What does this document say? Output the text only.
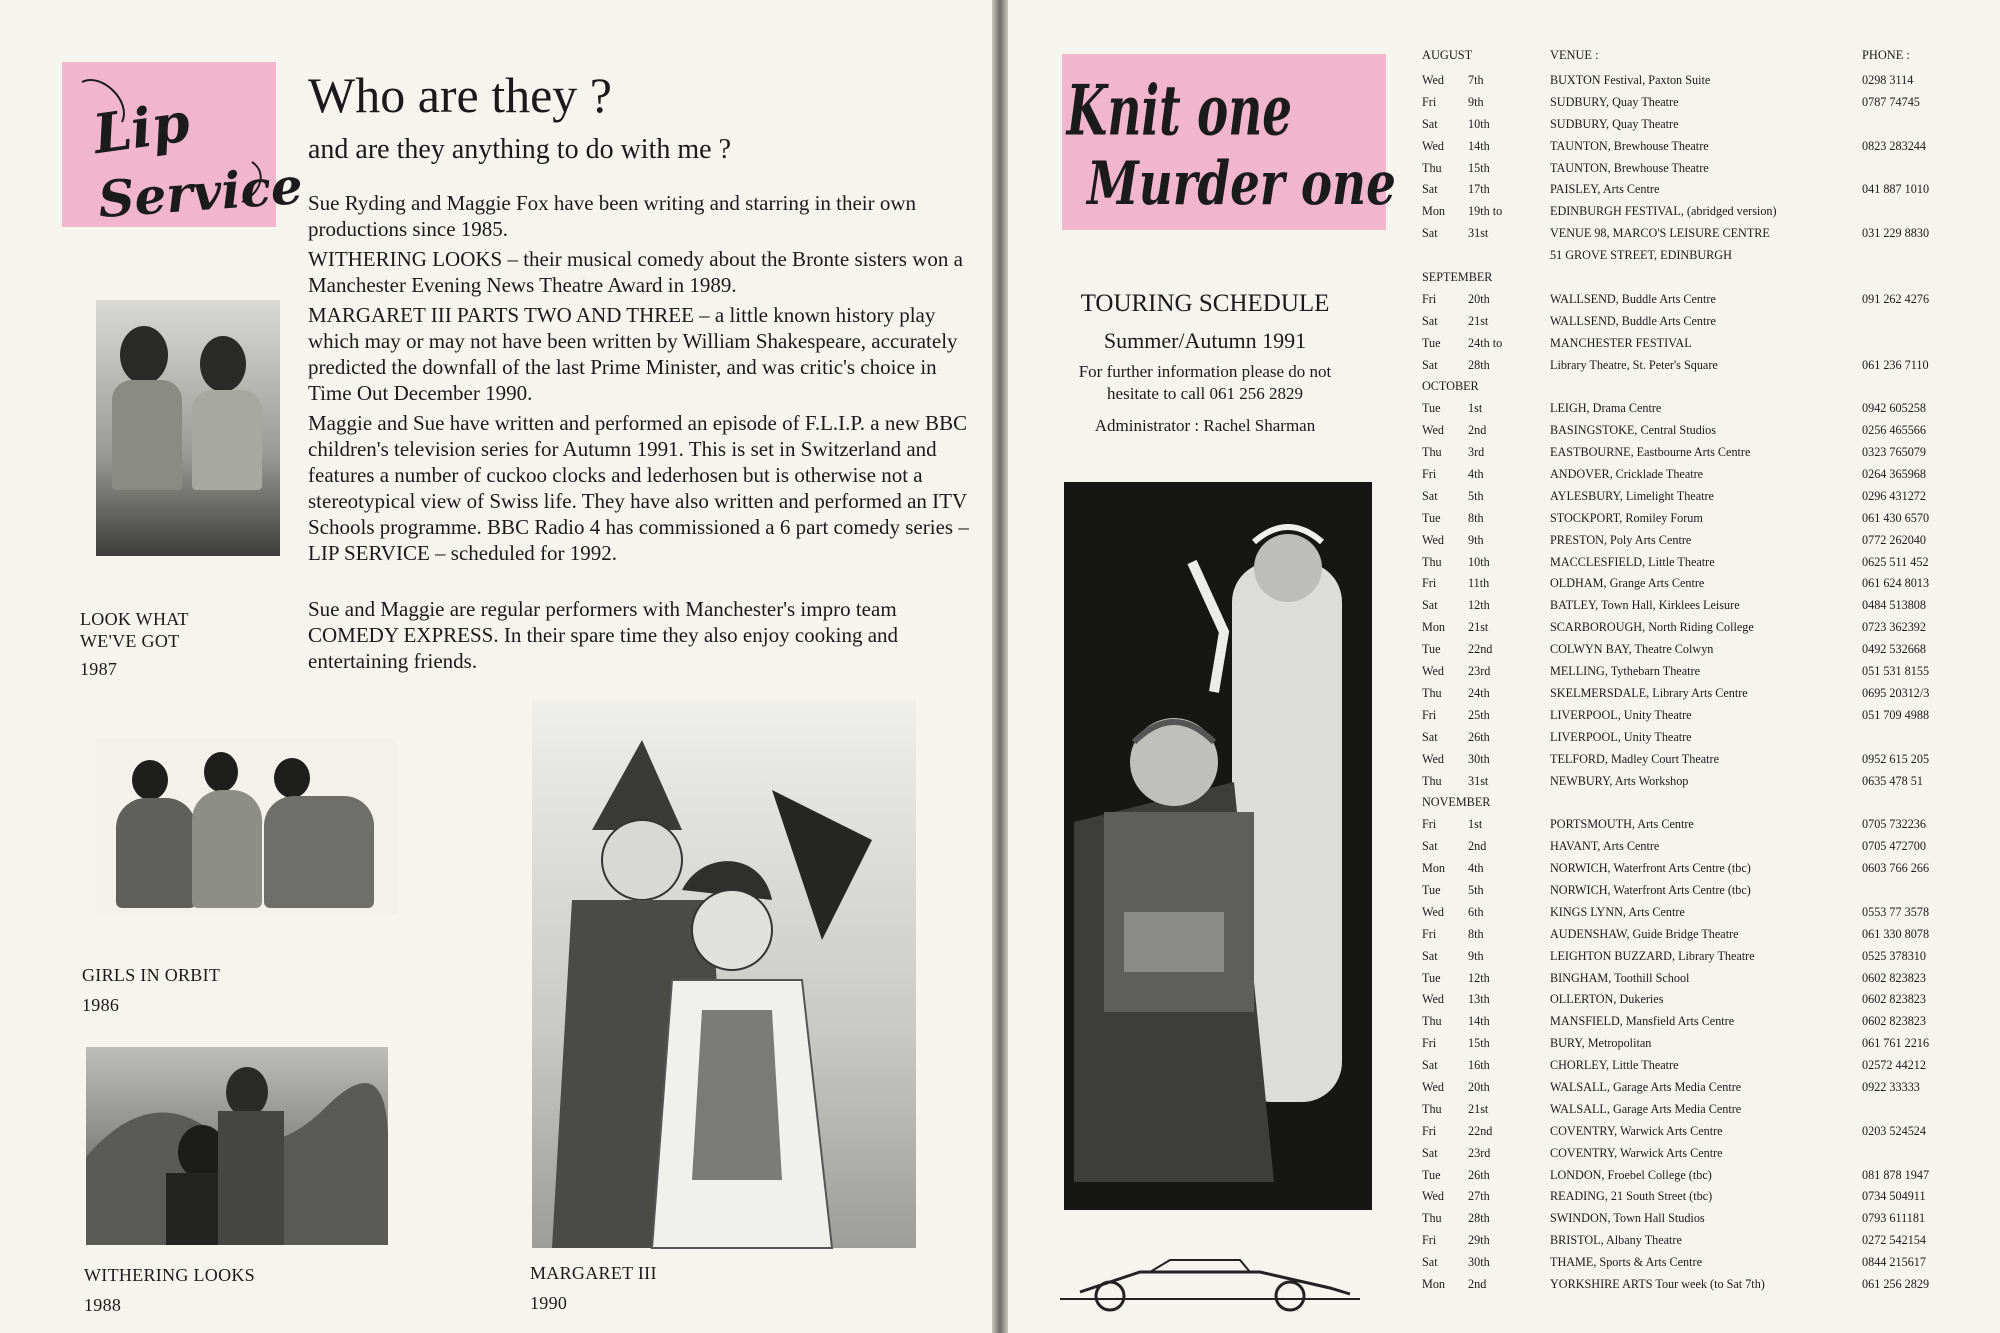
Lip
Service
Who are they ?
and are they anything to do with me ?

Sue Ryding and Maggie Fox have been writing and starring in their own productions since 1985.

WITHERING LOOKS – their musical comedy about the Bronte sisters won a Manchester Evening News Theatre Award in 1989.

MARGARET III PARTS TWO AND THREE – a little known history play which may or may not have been written by William Shakespeare, accurately predicted the downfall of the last Prime Minister, and was critic's choice in Time Out December 1990.

Maggie and Sue have written and performed an episode of F.L.I.P. a new BBC children's television series for Autumn 1991. This is set in Switzerland and features a number of cuckoo clocks and lederhosen but is otherwise not a stereotypical view of Swiss life. They have also written and performed an ITV Schools programme. BBC Radio 4 has commissioned a 6 part comedy series – LIP SERVICE – scheduled for 1992.

Sue and Maggie are regular performers with Manchester's impro team COMEDY EXPRESS. In their spare time they also enjoy cooking and entertaining friends.

LOOK WHAT
WE'VE GOT
1987
GIRLS IN ORBIT
1986
WITHERING LOOKS
1988
MARGARET III
1990
Knit one
Murder one
TOURING SCHEDULE
Summer/Autumn 1991
For further information please do not
hesitate to call 061 256 2829
Administrator : Rachel Sharman
AUGUST	VENUE :	PHONE :
Wed	7th	BUXTON Festival, Paxton Suite	0298 3114
Fri	9th	SUDBURY, Quay Theatre	0787 74745
Sat	10th	SUDBURY, Quay Theatre
Wed	14th	TAUNTON, Brewhouse Theatre	0823 283244
Thu	15th	TAUNTON, Brewhouse Theatre
Sat	17th	PAISLEY, Arts Centre	041 887 1010
Mon	19th to	EDINBURGH FESTIVAL, (abridged version)
Sat	31st	VENUE 98, MARCO'S LEISURE CENTRE	031 229 8830
51 GROVE STREET, EDINBURGH
SEPTEMBER
Fri	20th	WALLSEND, Buddle Arts Centre	091 262 4276
Sat	21st	WALLSEND, Buddle Arts Centre
Tue	24th to	MANCHESTER FESTIVAL
Sat	28th	Library Theatre, St. Peter's Square	061 236 7110
OCTOBER
Tue	1st	LEIGH, Drama Centre	0942 605258
Wed	2nd	BASINGSTOKE, Central Studios	0256 465566
Thu	3rd	EASTBOURNE, Eastbourne Arts Centre	0323 765079
Fri	4th	ANDOVER, Cricklade Theatre	0264 365968
Sat	5th	AYLESBURY, Limelight Theatre	0296 431272
Tue	8th	STOCKPORT, Romiley Forum	061 430 6570
Wed	9th	PRESTON, Poly Arts Centre	0772 262040
Thu	10th	MACCLESFIELD, Little Theatre	0625 511 452
Fri	11th	OLDHAM, Grange Arts Centre	061 624 8013
Sat	12th	BATLEY, Town Hall, Kirklees Leisure	0484 513808
Mon	21st	SCARBOROUGH, North Riding College	0723 362392
Tue	22nd	COLWYN BAY, Theatre Colwyn	0492 532668
Wed	23rd	MELLING, Tythebarn Theatre	051 531 8155
Thu	24th	SKELMERSDALE, Library Arts Centre	0695 20312/3
Fri	25th	LIVERPOOL, Unity Theatre	051 709 4988
Sat	26th	LIVERPOOL, Unity Theatre
Wed	30th	TELFORD, Madley Court Theatre	0952 615 205
Thu	31st	NEWBURY, Arts Workshop	0635 478 51
NOVEMBER
Fri	1st	PORTSMOUTH, Arts Centre	0705 732236
Sat	2nd	HAVANT, Arts Centre	0705 472700
Mon	4th	NORWICH, Waterfront Arts Centre (tbc)	0603 766 266
Tue	5th	NORWICH, Waterfront Arts Centre (tbc)
Wed	6th	KINGS LYNN, Arts Centre	0553 77 3578
Fri	8th	AUDENSHAW, Guide Bridge Theatre	061 330 8078
Sat	9th	LEIGHTON BUZZARD, Library Theatre	0525 378310
Tue	12th	BINGHAM, Toothill School	0602 823823
Wed	13th	OLLERTON, Dukeries	0602 823823
Thu	14th	MANSFIELD, Mansfield Arts Centre	0602 823823
Fri	15th	BURY, Metropolitan	061 761 2216
Sat	16th	CHORLEY, Little Theatre	02572 44212
Wed	20th	WALSALL, Garage Arts Media Centre	0922 33333
Thu	21st	WALSALL, Garage Arts Media Centre
Fri	22nd	COVENTRY, Warwick Arts Centre	0203 524524
Sat	23rd	COVENTRY, Warwick Arts Centre
Tue	26th	LONDON, Froebel College (tbc)	081 878 1947
Wed	27th	READING, 21 South Street (tbc)	0734 504911
Thu	28th	SWINDON, Town Hall Studios	0793 611181
Fri	29th	BRISTOL, Albany Theatre	0272 542154
Sat	30th	THAME, Sports & Arts Centre	0844 215617
Mon	2nd	YORKSHIRE ARTS Tour week (to Sat 7th)	061 256 2829
